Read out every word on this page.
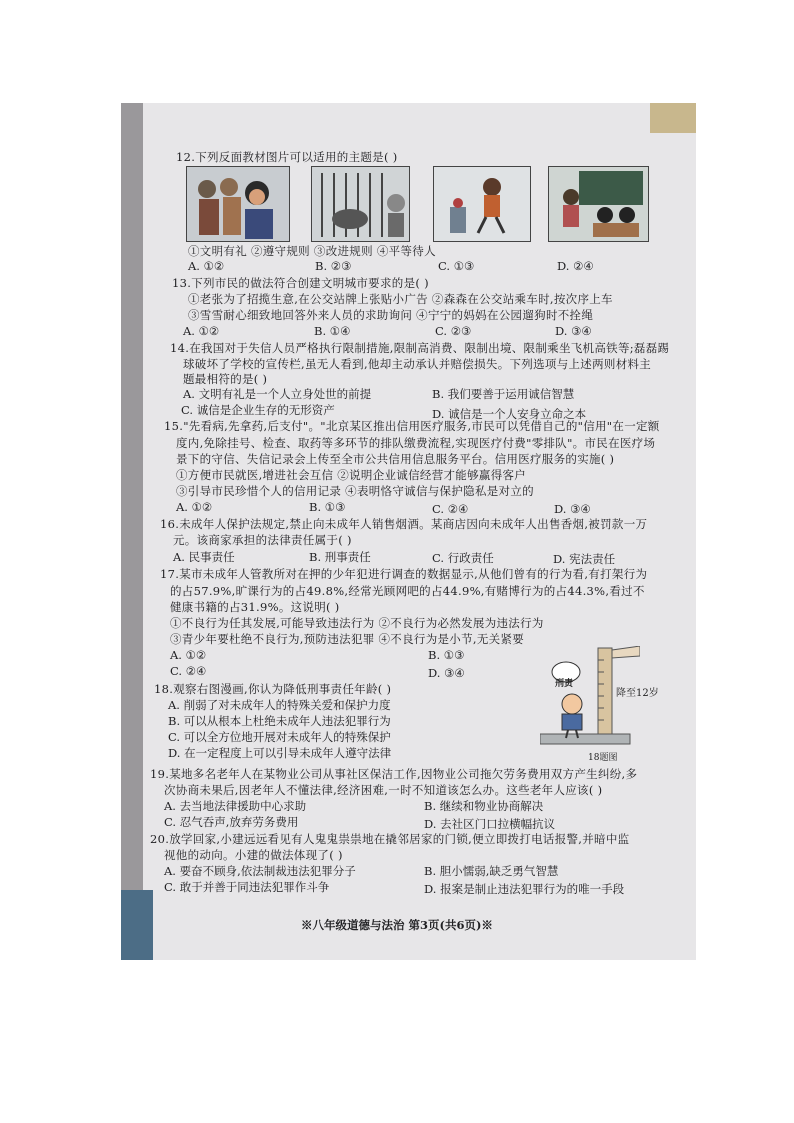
12.下列反面教材图片可以适用的主题是( )
①文明有礼 ②遵守规则 ③改进规则 ④平等待人
A. ①②	B. ②③	C. ①③	D. ②④
13.下列市民的做法符合创建文明城市要求的是( )
①老张为了招揽生意,在公交站牌上张贴小广告 ②森森在公交站乘车时,按次序上车
③雪雪耐心细致地回答外来人员的求助询问 ④宁宁的妈妈在公园遛狗时不拴绳
A. ①②	B. ①④	C. ②③	D. ③④
14.在我国对于失信人员严格执行限制措施,限制高消费、限制出境、限制乘坐飞机高铁等;磊磊踢
球破坏了学校的宣传栏,虽无人看到,他却主动承认并赔偿损失。下列选项与上述两则材料主
题最相符的是( )
A. 文明有礼是一个人立身处世的前提	B. 我们要善于运用诚信智慧
C. 诚信是企业生存的无形资产	D. 诚信是一个人安身立命之本
15."先看病,先拿药,后支付"。"北京某区推出信用医疗服务,市民可以凭借自己的"信用"在一定额
度内,免除挂号、检查、取药等多环节的排队缴费流程,实现医疗付费"零排队"。市民在医疗场
景下的守信、失信记录会上传至全市公共信用信息服务平台。信用医疗服务的实施( )
①方便市民就医,增进社会互信 ②说明企业诚信经营才能够赢得客户
③引导市民珍惜个人的信用记录 ④表明恪守诚信与保护隐私是对立的
A. ①②	B. ①③	C. ②④	D. ③④
16.未成年人保护法规定,禁止向未成年人销售烟酒。某商店因向未成年人出售香烟,被罚款一万
元。该商家承担的法律责任属于( )
A. 民事责任	B. 刑事责任	C. 行政责任	D. 宪法责任
17.某市未成年人管教所对在押的少年犯进行调查的数据显示,从他们曾有的行为看,有打架行为
的占57.9%,旷课行为的占49.8%,经常光顾网吧的占44.9%,有赌博行为的占44.3%,看过不
健康书籍的占31.9%。这说明( )
①不良行为任其发展,可能导致违法行为 ②不良行为必然发展为违法行为
③青少年要杜绝不良行为,预防违法犯罪 ④不良行为是小节,无关紧要
A. ①②	B. ①③
C. ②④	D. ③④
18.观察右图漫画,你认为降低刑事责任年龄( )
A. 削弱了对未成年人的特殊关爱和保护力度
B. 可以从根本上杜绝未成年人违法犯罪行为
C. 可以全方位地开展对未成年人的特殊保护
D. 在一定程度上可以引导未成年人遵守法律
刑责
降至12岁
18题图
19.某地多名老年人在某物业公司从事社区保洁工作,因物业公司拖欠劳务费用双方产生纠纷,多
次协商未果后,因老年人不懂法律,经济困难,一时不知道该怎么办。这些老年人应该( )
A. 去当地法律援助中心求助	B. 继续和物业协商解决
C. 忍气吞声,放弃劳务费用	D. 去社区门口拉横幅抗议
20.放学回家,小建远远看见有人鬼鬼祟祟地在撬邻居家的门锁,便立即拨打电话报警,并暗中监
视他的动向。小建的做法体现了( )
A. 要奋不顾身,依法制裁违法犯罪分子	B. 胆小懦弱,缺乏勇气智慧
C. 敢于并善于同违法犯罪作斗争	D. 报案是制止违法犯罪行为的唯一手段
※八年级道德与法治 第3页(共6页)※
